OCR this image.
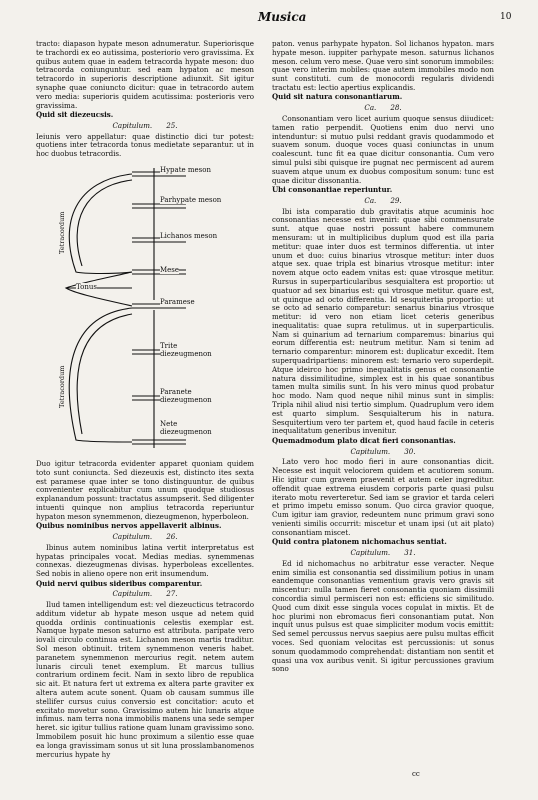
Musica	10

tracto: diapason hypate meson adnumeratur. Superiorisque te trachordi ex eo autissima, posteriorio vero gravissima. Ex quibus autem quae in eadem tetracorda hypate meson: duo tetracorda coniunguntur. sed eam hypaton ac meson tetracordo in superioris descriptione adiunxit. Sit igitur synaphe quae coniuncto dicitur: quae in tetracordo autem vero media: superioris quidem acutissima: posterioris vero gravissima.

Quid sit diezeucsis.

Capitulum. 25.

Ieiunis vero appellatur: quae distinctio dici tur potest: quotiens inter tetracorda tonus medietate separantur. ut in hoc duobus tetracordis.

Hypate meson
Parhypate meson
Lichanos meson
Mese
Paramese
Trite diezeugmenon
Paranete diezeugmenon
Nete diezeugmenon
Tonus
Tetracordum
Tetracordum

Duo igitur tetracorda evidenter apparet quoniam quidem toto sunt coniuncta. Sed diezeuxis est, distincto ites sexta est paramese quae inter se tono distinguuntur. de quibus convenienter explicabitur cum unum quodque studiosus explanandum possunt: tractatus assumpserit. Sed diligenter intuenti quinque non amplius tetracorda reperiuntur hypaton meson synemmenon, diezeugmenon, hyperboleon.

Quibus nominibus nervos appellaverit albinus.

Capitulum. 26.

Ibinus autem nominibus latina vertit interpretatus est hypatas principales vocat. Medias medias. synemmenas connexas. diezeugmenas divisas. hyperboleas excellentes. Sed nobis in alieno opere non erit insumendum.

Quid nervi quibus sideribus comparentur.

Capitulum. 27.

Ilud tamen intelligendum est: vel diezeucticus tetracordo additum videtur ab hypate meson usque ad netem quid quodda ordinis continuationis celestis exemplar est. Namque hypate meson saturno est attributa. paripate vero iovali circulo continua est. Lichanon meson martis traditur. Sol meson obtinuit. tritem synemmenon veneris habet. paranetem synemmenon mercurius regit. netem autem lunaris circuli tenet exemplum. Et marcus tullius contrarium ordinem fecit. Nam in sexto libro de republica sic ait. Et natura fert ut extrema ex altera parte graviter ex altera autem acute sonent. Quam ob causam summus ille stellifer cursus cuius conversio est concitatior: acuto et excitato movetur sono. Gravissimo autem hic lunaris atque infimus. nam terra nona immobilis manens una sede semper heret. sic igitur tullius ratione quam lunam gravissimo sono. Immobilem posuit hic hunc proximum a silentio esse quae ea longa gravissimam sonus ut sit luna prosslambanomenos mercurius hypate hy

paton. venus parhypate hypaton. Sol lichanos hypaton. mars hypate meson. iuppiter parhypate meson. saturnus lichanos meson. celum vero mese. Quae vero sint sonorum immobiles: quae vero interim mobiles: quae autem immobiles modo non sunt constituti. cum de monocordi regularis dividendi tractatu est: lectio apertius explicandis.

Quid sit natura consonantiarum.

Ca. 28.

Consonantiam vero licet aurium quoque sensus diiudicet: tamen ratio perpendit. Quotiens enim duo nervi uno intenduntur: si mutuo pulsi reddant gravis quodammodo et suavem sonum. duoque voces quasi coniunctas in unum coalescunt. tunc fit ea quae dicitur consonantia. Cum vero simul pulsi sibi quisque ire pugnat nec permiscent ad aurem suavem atque unum ex duobus compositum sonum: tunc est quae dicitur dissonantia.

Ubi consonantiae reperiuntur.

Ca. 29.

Ibi ista comparatio dub gravitatis atque acuminis hoc consonantias necesse est inveniri: quae sibi commensurate sunt. atque quae nostri possunt habere communem mensuram: ut in multiplicibus duplum quod est illa paria metitur: quae inter duos est terminos differentia. ut inter unum et duo: cuius binarius vtrosque metitur: inter duos atque sex. quae tripla est binarius vtrosque metitur: inter novem atque octo eadem vnitas est: quae vtrosque metitur. Rursus in superparticularibus sesquialtera est proportio: ut quatuor ad sex binarius est: qui vtrosque metitur. quare est, ut quinque ad octo differentia. Id sesquitertia proportio: ut se octo ad senario comparetur: senarius binarius vtrosque metitur: id vero non etiam licet ceteris generibus inequalitatis: quae supra retulimus. ut in superparticulis. Nam si quinarium ad ternarium comparemus: binarius qui eorum differentia est: neutrum metitur. Nam si tenim ad ternario comparentur: minorem est: duplicatur excedit. Item superquadripartiens: minorem est: ternario vero superdepit. Atque ideirco hoc primo inequalitatis genus et consonantie natura dissimilitudine, simplex est in his quae sonantibus tamen multa similis sunt. In his vero minus quod probatur hoc modo. Nam quod neque nihil minus sunt in simplis: Tripla nihil aliud nisi tertio simplum. Quadruplum vero idem est quarto simplum. Sesquialterum his in natura. Sesquitertium vero ter partem et, quod haud facile in ceteris inequalitatum generibus invenitur.

Quemadmodum plato dicat fieri consonantias.

Capitulum. 30.

Lato vero hoc modo fieri in aure consonantias dicit. Necesse est inquit velociorem quidem et acutiorem sonum. Hic igitur cum gravem praevenit et autem celer ingreditur. offendit quae extrema eiusdem corporis parte quasi pulsu iterato motu reverteretur. Sed iam se gravior et tarda celeri et primo impetu emisso sonum. Quo circa gravior quoque, Cum igitur iam gravior, redeuntem nunc primum gravi sono venienti similis occurrit: miscetur et unam ipsi (ut ait plato) consonantiam miscet.

Quid contra platonem nichomachus sentiat.

Capitulum. 31.

Ed id nichomachus no arbitratur esse veracter. Neque enim similia est consonantia sed dissimilium potius in unam eandemque consonantias vementium gravis vero gravis sit miscentur: nulla tamen fieret consonantia quoniam dissimili concordia simul permisceri non est: efficiens sic similitudo. Quod cum dixit esse singula voces copulat in mixtis. Et de hoc plurimi non ebromacus fieri consonantiam putat. Non inquit unus pulsus est quae simpliciter modum vocis emittit: Sed semel percussus nervus saepius aere pulsu multas efficit voces. Sed quoniam velocitas est percussionis: ut sonus sonum quodammodo comprehendat: distantiam non sentit et quasi una vox auribus venit. Si igitur percussiones gravium sono

cc
